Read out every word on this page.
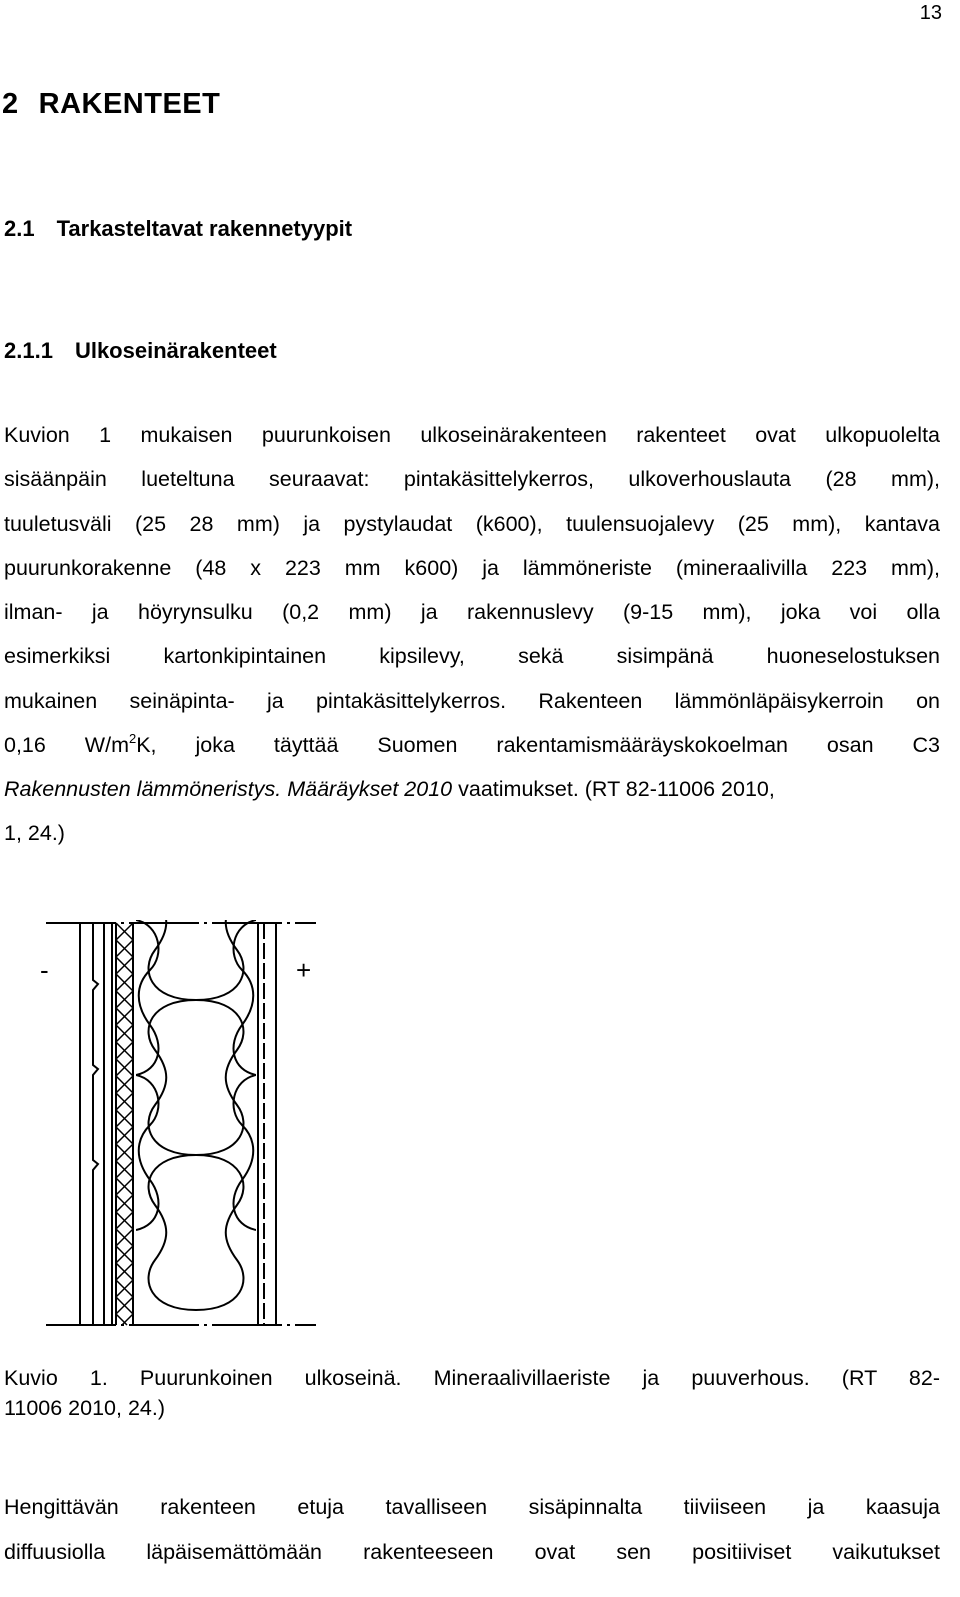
13
2 RAKENTEET
2.1 Tarkasteltavat rakennetyypit
2.1.1 Ulkoseinärakenteet
Kuvion 1 mukaisen puurunkoisen ulkoseinärakenteen rakenteet ovat ulkopuolelta
sisäänpäin lueteltuna seuraavat: pintakäsittelykerros, ulkoverhouslauta (28 mm),
tuuletusväli (25 28 mm) ja pystylaudat (k600), tuulensuojalevy (25 mm), kantava
puurunkorakenne (48 x 223 mm k600) ja lämmöneriste (mineraalivilla 223 mm),
ilman- ja höyrynsulku (0,2 mm) ja rakennuslevy (9-15 mm), joka voi olla
esimerkiksi kartonkipintainen kipsilevy, sekä sisimpänä huoneselostuksen
mukainen seinäpinta- ja pintakäsittelykerros. Rakenteen lämmönläpäisykerroin on
0,16 $W/m^2K$, joka täyttää Suomen rakentamismääräyskokoelman osan C3
Rakennusten lämmöneristys. Määräykset 2010 vaatimukset. (RT 82-11006 2010,
1, 24.)
-	+
Kuvio 1. Puurunkoinen ulkoseinä. Mineraalivillaeriste ja puuverhous. (RT 82-
11006 2010, 24.)
Hengittävän rakenteen etuja tavalliseen sisäpinnalta tiiviiseen ja kaasuja
diffuusiolla läpäisemättömään rakenteeseen ovat sen positiiviset vaikutukset
